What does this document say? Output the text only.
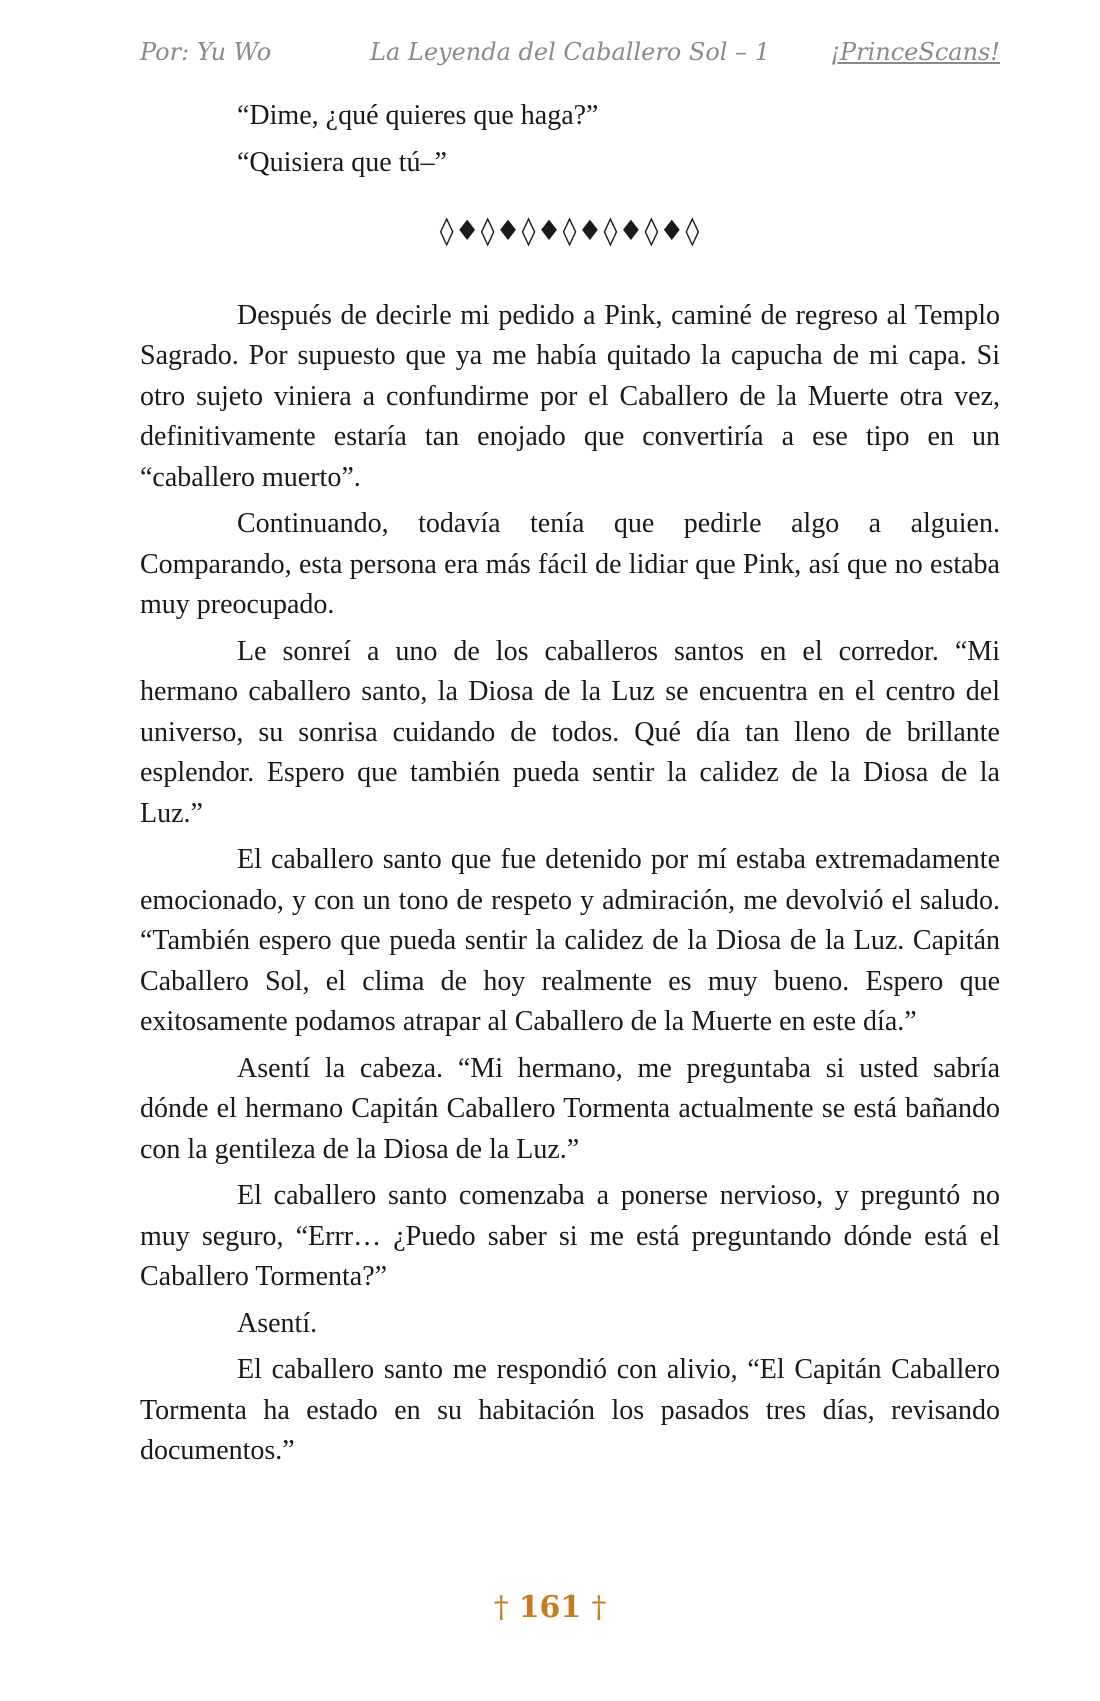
Por: Yu Wo	La Leyenda del Caballero Sol – 1	¡PrinceScans!

“Dime, ¿qué quieres que haga?”

“Quisiera que tú–”

◊♦◊♦◊♦◊♦◊♦◊♦◊

Después de decirle mi pedido a Pink, caminé de regreso al Templo Sagrado. Por supuesto que ya me había quitado la capucha de mi capa. Si otro sujeto viniera a confundirme por el Caballero de la Muerte otra vez, definitivamente estaría tan enojado que convertiría a ese tipo en un “caballero muerto”.

Continuando, todavía tenía que pedirle algo a alguien. Comparando, esta persona era más fácil de lidiar que Pink, así que no estaba muy preocupado.

Le sonreí a uno de los caballeros santos en el corredor. “Mi hermano caballero santo, la Diosa de la Luz se encuentra en el centro del universo, su sonrisa cuidando de todos. Qué día tan lleno de brillante esplendor. Espero que también pueda sentir la calidez de la Diosa de la Luz.”

El caballero santo que fue detenido por mí estaba extremadamente emocionado, y con un tono de respeto y admiración, me devolvió el saludo. “También espero que pueda sentir la calidez de la Diosa de la Luz. Capitán Caballero Sol, el clima de hoy realmente es muy bueno. Espero que exitosamente podamos atrapar al Caballero de la Muerte en este día.”

Asentí la cabeza. “Mi hermano, me preguntaba si usted sabría dónde el hermano Capitán Caballero Tormenta actualmente se está bañando con la gentileza de la Diosa de la Luz.”

El caballero santo comenzaba a ponerse nervioso, y preguntó no muy seguro, “Errr… ¿Puedo saber si me está preguntando dónde está el Caballero Tormenta?”

Asentí.

El caballero santo me respondió con alivio, “El Capitán Caballero Tormenta ha estado en su habitación los pasados tres días, revisando documentos.”

† 161 †
